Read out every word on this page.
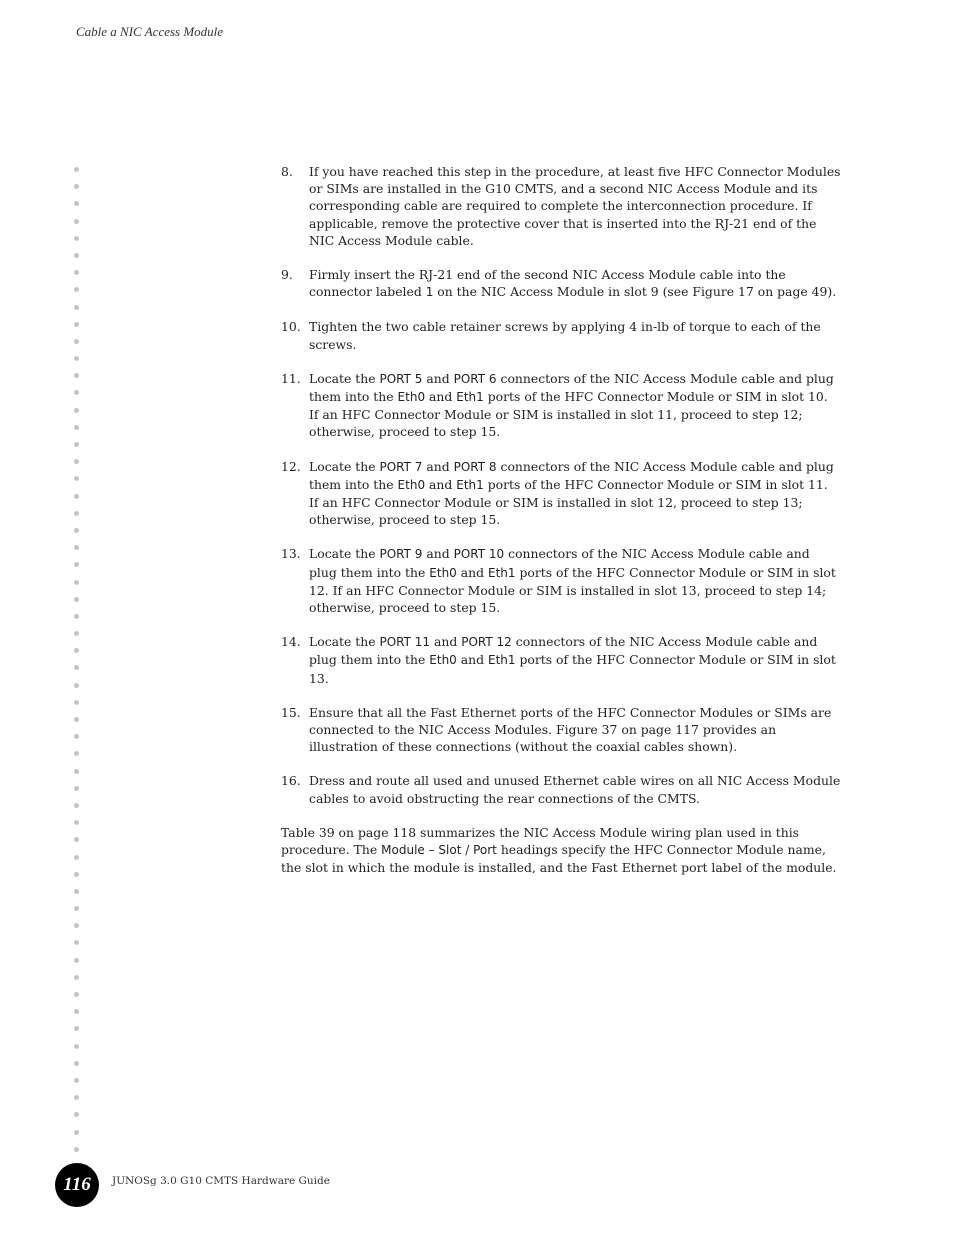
Cable a NIC Access Module
8.	If you have reached this step in the procedure, at least five HFC Connector Modules or SIMs are installed in the G10 CMTS, and a second NIC Access Module and its corresponding cable are required to complete the interconnection procedure. If applicable, remove the protective cover that is inserted into the RJ-21 end of the NIC Access Module cable.
9.	Firmly insert the RJ-21 end of the second NIC Access Module cable into the connector labeled 1 on the NIC Access Module in slot 9 (see Figure 17 on page 49).
10. Tighten the two cable retainer screws by applying 4 in-lb of torque to each of the screws.
11. Locate the PORT 5 and PORT 6 connectors of the NIC Access Module cable and plug them into the Eth0 and Eth1 ports of the HFC Connector Module or SIM in slot 10. If an HFC Connector Module or SIM is installed in slot 11, proceed to step 12; otherwise, proceed to step 15.
12. Locate the PORT 7 and PORT 8 connectors of the NIC Access Module cable and plug them into the Eth0 and Eth1 ports of the HFC Connector Module or SIM in slot 11. If an HFC Connector Module or SIM is installed in slot 12, proceed to step 13; otherwise, proceed to step 15.
13. Locate the PORT 9 and PORT 10 connectors of the NIC Access Module cable and plug them into the Eth0 and Eth1 ports of the HFC Connector Module or SIM in slot 12. If an HFC Connector Module or SIM is installed in slot 13, proceed to step 14; otherwise, proceed to step 15.
14. Locate the PORT 11 and PORT 12 connectors of the NIC Access Module cable and plug them into the Eth0 and Eth1 ports of the HFC Connector Module or SIM in slot 13.
15. Ensure that all the Fast Ethernet ports of the HFC Connector Modules or SIMs are connected to the NIC Access Modules. Figure 37 on page 117 provides an illustration of these connections (without the coaxial cables shown).
16. Dress and route all used and unused Ethernet cable wires on all NIC Access Module cables to avoid obstructing the rear connections of the CMTS.
Table 39 on page 118 summarizes the NIC Access Module wiring plan used in this procedure. The Module – Slot / Port headings specify the HFC Connector Module name, the slot in which the module is installed, and the Fast Ethernet port label of the module.
116 JUNOSg 3.0 G10 CMTS Hardware Guide
